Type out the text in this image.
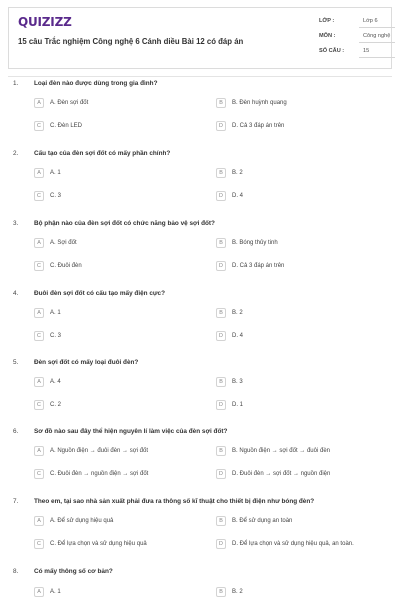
QUIZIZZ
15 câu Trắc nghiệm Công nghệ 6 Cánh diều Bài 12 có đáp án
LỚP :	Lớp 6
MÔN :	Công nghệ
SỐ CÂU :	15
1. Loại đèn nào được dùng trong gia đình?
A	A. Đèn sợi đốt	B	B. Đèn huỳnh quang
C	C. Đèn LED	D	D. Cả 3 đáp án trên
2. Cấu tạo của đèn sợi đốt có mấy phần chính?
A	A. 1	B	B. 2
C	C. 3	D	D. 4
3. Bộ phận nào của đèn sợi đốt có chức năng bảo vệ sợi đốt?
A	A. Sợi đốt	B	B. Bóng thủy tinh
C	C. Đuôi đèn	D	D. Cả 3 đáp án trên
4. Đuôi đèn sợi đốt có cấu tạo mấy điện cực?
A	A. 1	B	B. 2
C	C. 3	D	D. 4
5. Đèn sợi đốt có mấy loại đuôi đèn?
A	A. 4	B	B. 3
C	C. 2	D	D. 1
6. Sơ đồ nào sau đây thể hiện nguyên lí làm việc của đèn sợi đốt?
A	A. Nguồn điện → đuôi đèn → sợi đốt	B	B. Nguồn điện → sợi đốt → đuôi đèn
C	C. Đuôi đèn → nguồn điện → sợi đốt	D	D. Đuôi đèn → sợi đốt → nguồn điện
7. Theo em, tại sao nhà sản xuất phải đưa ra thông số kĩ thuật cho thiết bị điện như bóng đèn?
A	A. Để sử dụng hiệu quả	B	B. Để sử dụng an toàn
C	C. Để lựa chọn và sử dụng hiệu quả	D	D. Để lựa chọn và sử dụng hiệu quả, an toàn.
8. Có mấy thông số cơ bản?
A	A. 1	B	B. 2
